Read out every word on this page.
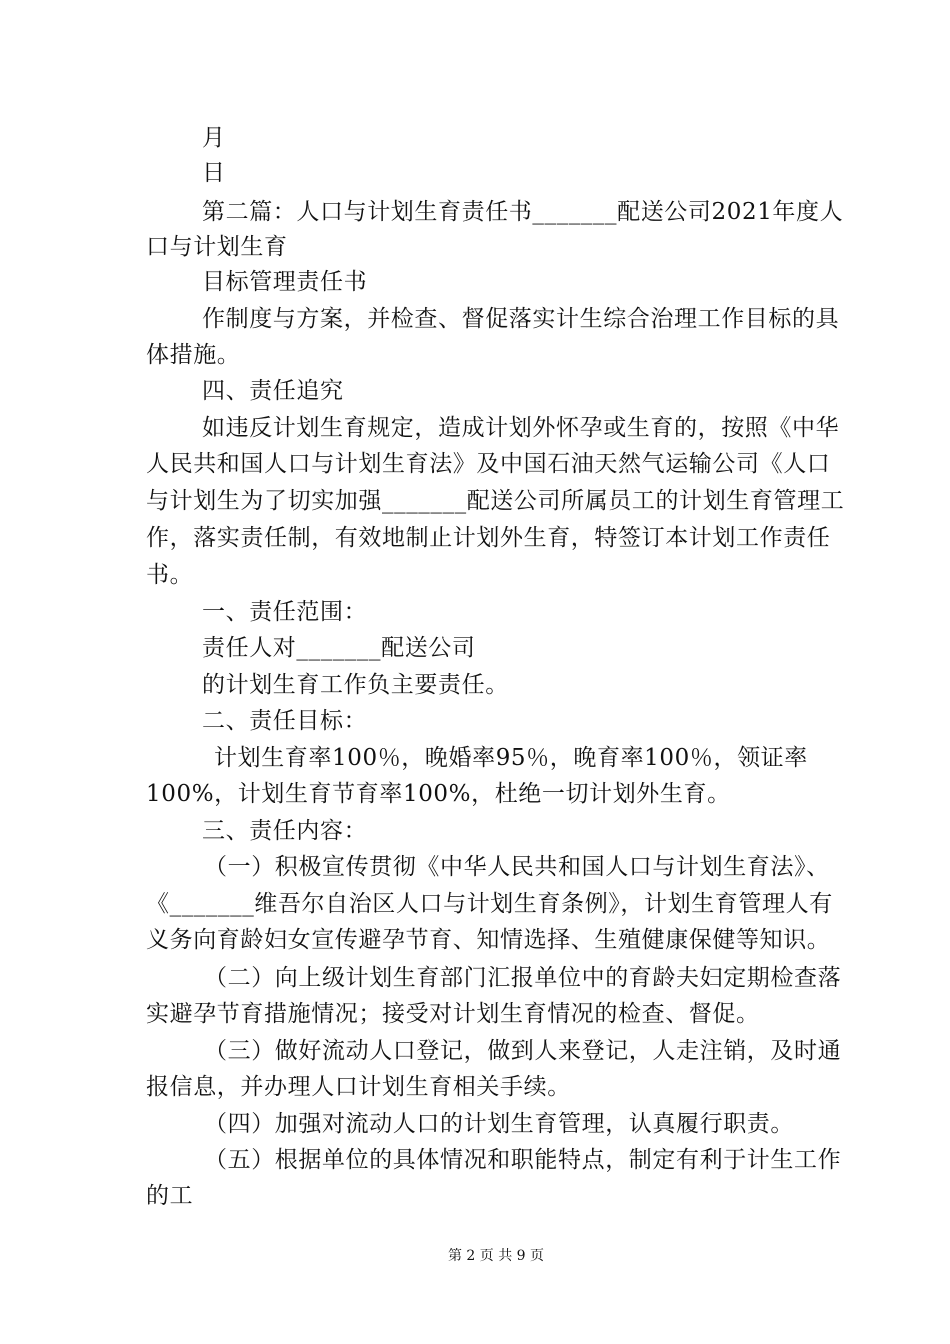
月
日
第二篇：人口与计划生育责任书_______配送公司2021年度人
口与计划生育
目标管理责任书
作制度与方案，并检查、督促落实计生综合治理工作目标的具
体措施。
四、责任追究
如违反计划生育规定，造成计划外怀孕或生育的，按照《中华
人民共和国人口与计划生育法》及中国石油天然气运输公司《人口
与计划生为了切实加强_______配送公司所属员工的计划生育管理工
作，落实责任制，有效地制止计划外生育，特签订本计划工作责任
书。
一、责任范围：
责任人对_______配送公司
的计划生育工作负主要责任。
二、责任目标：
计划生育率100％，晚婚率95％，晚育率100％，领证率
100%，计划生育节育率100%，杜绝一切计划外生育。
三、责任内容：
（一）积极宣传贯彻《中华人民共和国人口与计划生育法》、
《_______维吾尔自治区人口与计划生育条例》，计划生育管理人有
义务向育龄妇女宣传避孕节育、知情选择、生殖健康保健等知识。
（二）向上级计划生育部门汇报单位中的育龄夫妇定期检查落
实避孕节育措施情况；接受对计划生育情况的检查、督促。
（三）做好流动人口登记，做到人来登记，人走注销，及时通
报信息，并办理人口计划生育相关手续。
（四）加强对流动人口的计划生育管理，认真履行职责。
（五）根据单位的具体情况和职能特点，制定有利于计生工作
的工
第 2 页 共 9 页
